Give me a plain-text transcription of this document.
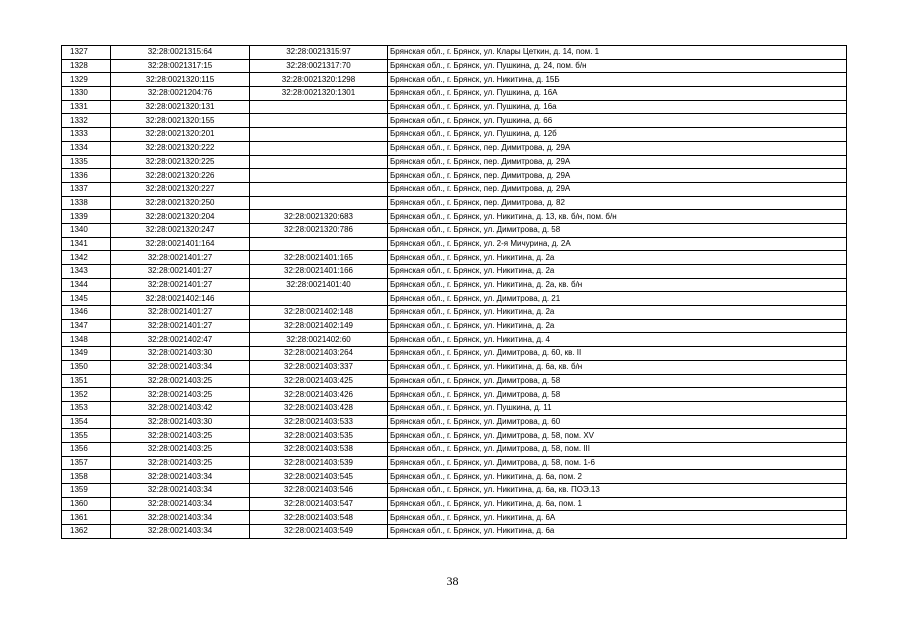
1327	32:28:0021315:64	32:28:0021315:97	Брянская обл., г. Брянск, ул. Клары Цеткин, д. 14, пом. 1
1328	32:28:0021317:15	32:28:0021317:70	Брянская обл., г. Брянск, ул. Пушкина, д. 24, пом. б/н
1329	32:28:0021320:115	32:28:0021320:1298	Брянская обл., г. Брянск, ул. Никитина, д. 15Б
1330	32:28:0021204:76	32:28:0021320:1301	Брянская обл., г. Брянск, ул. Пушкина, д. 16А
1331	32:28:0021320:131		Брянская обл., г. Брянск, ул. Пушкина, д. 16а
1332	32:28:0021320:155		Брянская обл., г. Брянск, ул. Пушкина, д. 66
1333	32:28:0021320:201		Брянская обл., г. Брянск, ул. Пушкина, д. 12б
1334	32:28:0021320:222		Брянская обл., г. Брянск, пер. Димитрова, д. 29А
1335	32:28:0021320:225		Брянская обл., г. Брянск, пер. Димитрова, д. 29А
1336	32:28:0021320:226		Брянская обл., г. Брянск, пер. Димитрова, д. 29А
1337	32:28:0021320:227		Брянская обл., г. Брянск, пер. Димитрова, д. 29А
1338	32:28:0021320:250		Брянская обл., г. Брянск, пер. Димитрова, д. 82
1339	32:28:0021320:204	32:28:0021320:683	Брянская обл., г. Брянск, ул. Никитина, д. 13, кв. б/н, пом. б/н
1340	32:28:0021320:247	32:28:0021320:786	Брянская обл., г. Брянск, ул. Димитрова, д. 58
1341	32:28:0021401:164		Брянская обл., г. Брянск, ул. 2-я Мичурина, д. 2А
1342	32:28:0021401:27	32:28:0021401:165	Брянская обл., г. Брянск, ул. Никитина, д. 2а
1343	32:28:0021401:27	32:28:0021401:166	Брянская обл., г. Брянск, ул. Никитина, д. 2а
1344	32:28:0021401:27	32:28:0021401:40	Брянская обл., г. Брянск, ул. Никитина, д. 2а, кв. б/н
1345	32:28:0021402:146		Брянская обл., г. Брянск, ул. Димитрова, д. 21
1346	32:28:0021401:27	32:28:0021402:148	Брянская обл., г. Брянск, ул. Никитина, д. 2а
1347	32:28:0021401:27	32:28:0021402:149	Брянская обл., г. Брянск, ул. Никитина, д. 2а
1348	32:28:0021402:47	32:28:0021402:60	Брянская обл., г. Брянск, ул. Никитина, д. 4
1349	32:28:0021403:30	32:28:0021403:264	Брянская обл., г. Брянск, ул. Димитрова, д. 60, кв. II
1350	32:28:0021403:34	32:28:0021403:337	Брянская обл., г. Брянск, ул. Никитина, д. 6а, кв. б/н
1351	32:28:0021403:25	32:28:0021403:425	Брянская обл., г. Брянск, ул. Димитрова, д. 58
1352	32:28:0021403:25	32:28:0021403:426	Брянская обл., г. Брянск, ул. Димитрова, д. 58
1353	32:28:0021403:42	32:28:0021403:428	Брянская обл., г. Брянск, ул. Пушкина, д. 11
1354	32:28:0021403:30	32:28:0021403:533	Брянская обл., г. Брянск, ул. Димитрова, д. 60
1355	32:28:0021403:25	32:28:0021403:535	Брянская обл., г. Брянск, ул. Димитрова, д. 58, пом. XV
1356	32:28:0021403:25	32:28:0021403:538	Брянская обл., г. Брянск, ул. Димитрова, д. 58, пом. III
1357	32:28:0021403:25	32:28:0021403:539	Брянская обл., г. Брянск, ул. Димитрова, д. 58, пом. 1-6
1358	32:28:0021403:34	32:28:0021403:545	Брянская обл., г. Брянск, ул. Никитина, д. 6а, пом. 2
1359	32:28:0021403:34	32:28:0021403:546	Брянская обл., г. Брянск, ул. Никитина, д. 6а, кв. ПОЭ.13
1360	32:28:0021403:34	32:28:0021403:547	Брянская обл., г. Брянск, ул. Никитина, д. 6а, пом. 1
1361	32:28:0021403:34	32:28:0021403:548	Брянская обл., г. Брянск, ул. Никитина, д. 6А
1362	32:28:0021403:34	32:28:0021403:549	Брянская обл., г. Брянск, ул. Никитина, д. 6а
38
